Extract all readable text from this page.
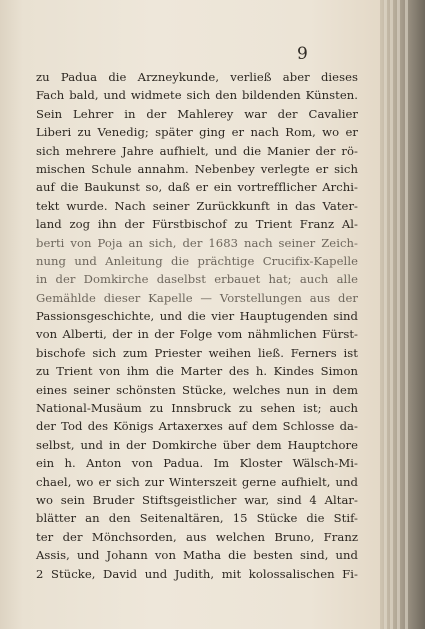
9
zu Padua die Arzneykunde, verließ aber dieses
Fach bald, und widmete sich den bildenden Künsten.
Sein Lehrer in der Mahlerey war der Cavalier
Liberi zu Venedig; später ging er nach Rom, wo er
sich mehrere Jahre aufhielt, und die Manier der rö-
mischen Schule annahm. Nebenbey verlegte er sich
auf die Baukunst so, daß er ein vortrefflicher Archi-
tekt wurde. Nach seiner Zurückkunft in das Vater-
land zog ihn der Fürstbischof zu Trient Franz Al-
berti von Poja an sich, der 1683 nach seiner Zeich-
nung und Anleitung die prächtige Crucifix-Kapelle
in der Domkirche daselbst erbauet hat; auch alle
Gemählde dieser Kapelle — Vorstellungen aus der
Passionsgeschichte, und die vier Hauptugenden sind
von Alberti, der in der Folge vom nähmlichen Fürst-
bischofe sich zum Priester weihen ließ. Ferners ist
zu Trient von ihm die Marter des h. Kindes Simon
eines seiner schönsten Stücke, welches nun in dem
National-Musäum zu Innsbruck zu sehen ist; auch
der Tod des Königs Artaxerxes auf dem Schlosse da-
selbst, und in der Domkirche über dem Hauptchore
ein h. Anton von Padua. Im Kloster Wälsch-Mi-
chael, wo er sich zur Winterszeit gerne aufhielt, und
wo sein Bruder Stiftsgeistlicher war, sind 4 Altar-
blätter an den Seitenaltären, 15 Stücke die Stif-
ter der Mönchsorden, aus welchen Bruno, Franz
Assis, und Johann von Matha die besten sind, und
2 Stücke, David und Judith, mit kolossalischen Fi-
